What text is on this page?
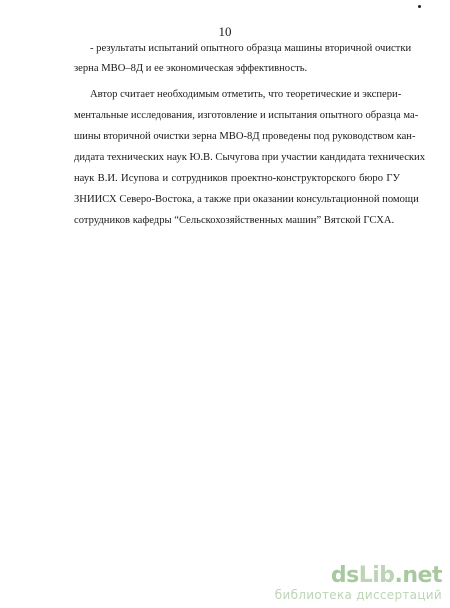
10
- результаты испытаний опытного образца машины вторичной очистки
зерна МВО–8Д и ее экономическая эффективность.
Автор считает необходимым отметить, что теоретические и экспери-
ментальные исследования, изготовление и испытания опытного образца ма-
шины вторичной очистки зерна МВО-8Д проведены под руководством кан-
дидата технических наук Ю.В. Сычугова при участии кандидата технических
наук В.И. Исупова и сотрудников проектно-конструкторского бюро ГУ
ЗНИИСХ Северо-Востока, а также при оказании консультационной помощи
сотрудников кафедры “Сельскохозяйственных машин” Вятской ГСХА.
dsLib.net
библиотека диссертаций
